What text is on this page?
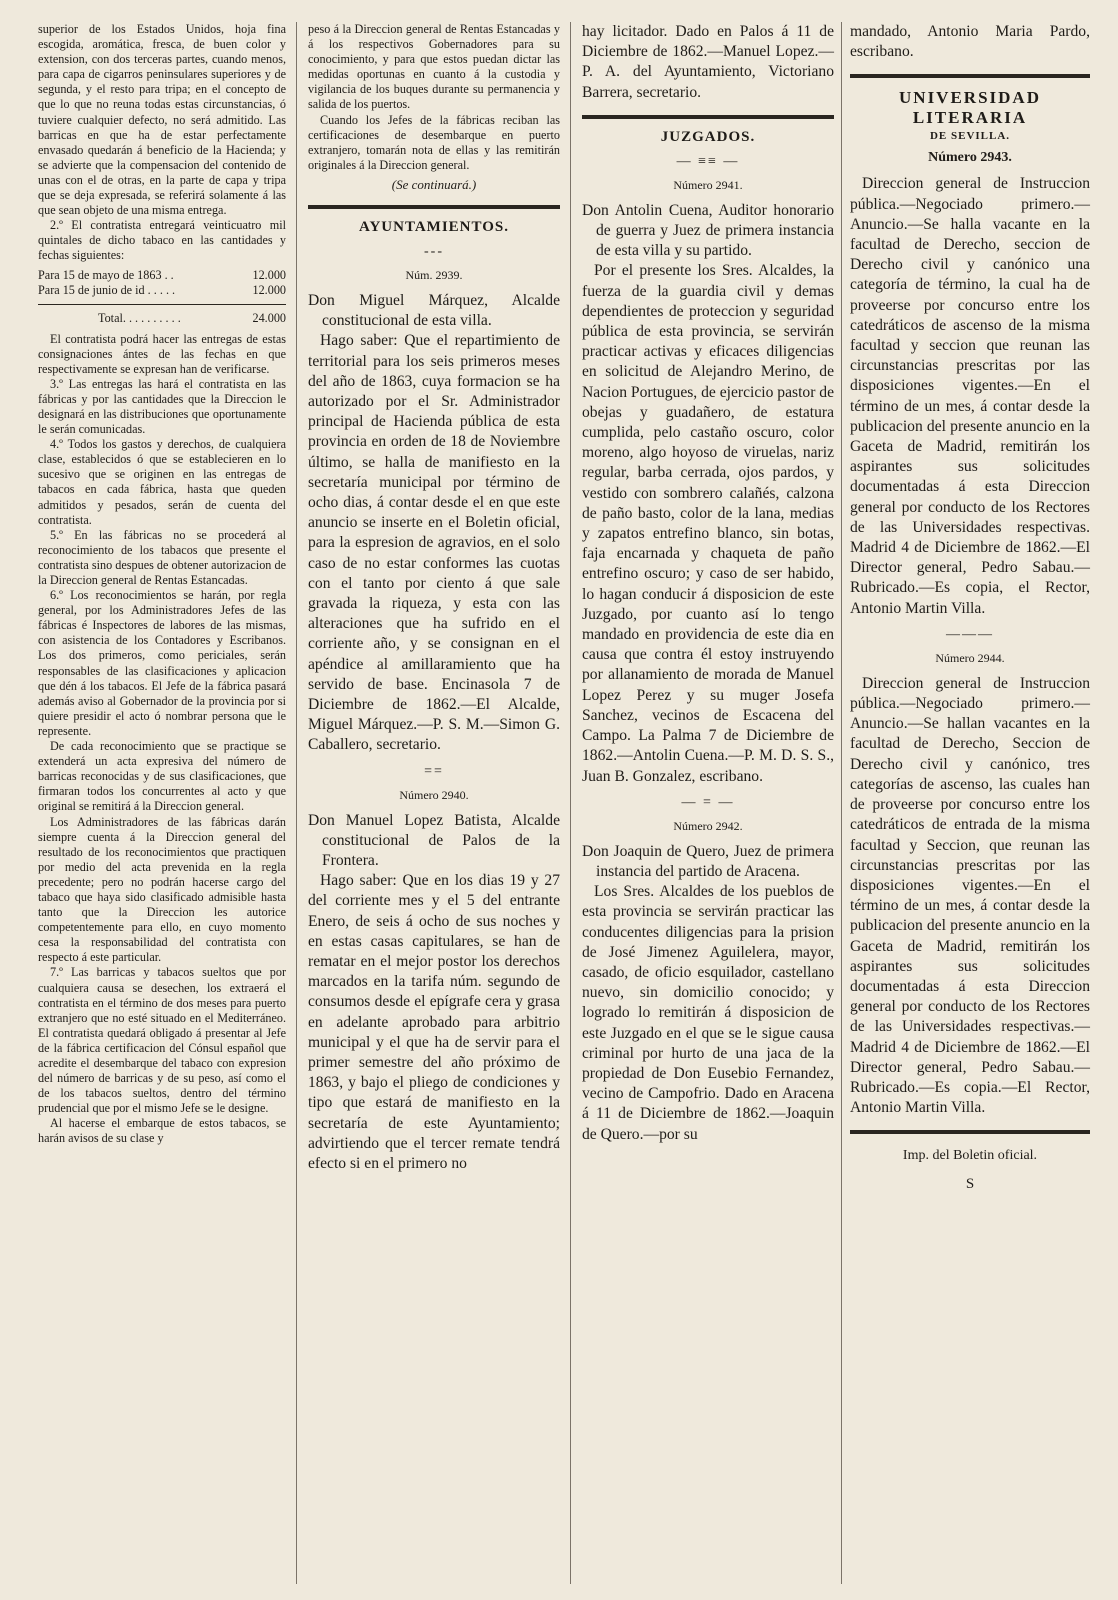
superior de los Estados Unidos, hoja fina escogida, aromática, fresca, de buen color y extension, con dos terceras partes, cuando menos, para capa de cigarros peninsulares superiores y de segunda, y el resto para tripa; en el concepto de que lo que no reuna todas estas circunstancias, ó tuviere cualquier defecto, no será admitido. Las barricas en que ha de estar perfectamente envasado quedarán á beneficio de la Hacienda; y se advierte que la compensacion del contenido de unas con el de otras, en la parte de capa y tripa que se deja expresada, se referirá solamente á las que sean objeto de una misma entrega.

2.º El contratista entregará veinticuatro mil quintales de dicho tabaco en las cantidades y fechas siguientes:

Para 15 de mayo de 1863 . .	12.000
Para 15 de junio de id . . . . .	12.000
Total. . . . . . . . . .	24.000

El contratista podrá hacer las entregas de estas consignaciones ántes de las fechas en que respectivamente se expresan han de verificarse.

3.º Las entregas las hará el contratista en las fábricas y por las cantidades que la Direccion le designará en las distribuciones que oportunamente le serán comunicadas.

4.º Todos los gastos y derechos, de cualquiera clase, establecidos ó que se establecieren en lo sucesivo que se originen en las entregas de tabacos en cada fábrica, hasta que queden admitidos y pesados, serán de cuenta del contratista.

5.º En las fábricas no se procederá al reconocimiento de los tabacos que presente el contratista sino despues de obtener autorizacion de la Direccion general de Rentas Estancadas.

6.º Los reconocimientos se harán, por regla general, por los Administradores Jefes de las fábricas é Inspectores de labores de las mismas, con asistencia de los Contadores y Escribanos. Los dos primeros, como periciales, serán responsables de las clasificaciones y aplicacion que dén á los tabacos. El Jefe de la fábrica pasará además aviso al Gobernador de la provincia por si quiere presidir el acto ó nombrar persona que le represente.

De cada reconocimiento que se practique se extenderá un acta expresiva del número de barricas reconocidas y de sus clasificaciones, que firmaran todos los concurrentes al acto y que original se remitirá á la Direccion general.

Los Administradores de las fábricas darán siempre cuenta á la Direccion general del resultado de los reconocimientos que practiquen por medio del acta prevenida en la regla precedente; pero no podrán hacerse cargo del tabaco que haya sido clasificado admisible hasta tanto que la Direccion les autorice competentemente para ello, en cuyo momento cesa la responsabilidad del contratista con respecto á este particular.

7.º Las barricas y tabacos sueltos que por cualquiera causa se desechen, los extraerá el contratista en el término de dos meses para puerto extranjero que no esté situado en el Mediterráneo. El contratista quedará obligado á presentar al Jefe de la fábrica certificacion del Cónsul español que acredite el desembarque del tabaco con expresion del número de barricas y de su peso, así como el de los tabacos sueltos, dentro del término prudencial que por el mismo Jefe se le designe.

Al hacerse el embarque de estos tabacos, se harán avisos de su clase y

peso á la Direccion general de Rentas Estancadas y á los respectivos Gobernadores para su conocimiento, y para que estos puedan dictar las medidas oportunas en cuanto á la custodia y vigilancia de los buques durante su permanencia y salida de los puertos.

Cuando los Jefes de la fábricas reciban las certificaciones de desembarque en puerto extranjero, tomarán nota de ellas y las remitirán originales á la Direccion general.

(Se continuará.)
AYUNTAMIENTOS.
---
Núm. 2939.

Don Miguel Márquez, Alcalde constitucional de esta villa.

Hago saber: Que el repartimiento de territorial para los seis primeros meses del año de 1863, cuya formacion se ha autorizado por el Sr. Administrador principal de Hacienda pública de esta provincia en orden de 18 de Noviembre último, se halla de manifiesto en la secretaría municipal por término de ocho dias, á contar desde el en que este anuncio se inserte en el Boletin oficial, para la espresion de agravios, en el solo caso de no estar conformes las cuotas con el tanto por ciento á que sale gravada la riqueza, y esta con las alteraciones que ha sufrido en el corriente año, y se consignan en el apéndice al amillaramiento que ha servido de base. Encinasola 7 de Diciembre de 1862.—El Alcalde, Miguel Márquez.—P. S. M.—Simon G. Caballero, secretario.

==
Número 2940.

Don Manuel Lopez Batista, Alcalde constitucional de Palos de la Frontera.

Hago saber: Que en los dias 19 y 27 del corriente mes y el 5 del entrante Enero, de seis á ocho de sus noches y en estas casas capitulares, se han de rematar en el mejor postor los derechos marcados en la tarifa núm. segundo de consumos desde el epígrafe cera y grasa en adelante aprobado para arbitrio municipal y el que ha de servir para el primer semestre del año próximo de 1863, y bajo el pliego de condiciones y tipo que estará de manifiesto en la secretaría de este Ayuntamiento; advirtiendo que el tercer remate tendrá efecto si en el primero no

hay licitador. Dado en Palos á 11 de Diciembre de 1862.—Manuel Lopez.—P. A. del Ayuntamiento, Victoriano Barrera, secretario.

JUZGADOS.
— ≡≡ —
Número 2941.

Don Antolin Cuena, Auditor honorario de guerra y Juez de primera instancia de esta villa y su partido.

Por el presente los Sres. Alcaldes, la fuerza de la guardia civil y demas dependientes de proteccion y seguridad pública de esta provincia, se servirán practicar activas y eficaces diligencias en solicitud de Alejandro Merino, de Nacion Portugues, de ejercicio pastor de obejas y guadañero, de estatura cumplida, pelo castaño oscuro, color moreno, algo hoyoso de viruelas, nariz regular, barba cerrada, ojos pardos, y vestido con sombrero calañés, calzona de paño basto, color de la lana, medias y zapatos entrefino blanco, sin botas, faja encarnada y chaqueta de paño entrefino oscuro; y caso de ser habido, lo hagan conducir á disposicion de este Juzgado, por cuanto así lo tengo mandado en providencia de este dia en causa que contra él estoy instruyendo por allanamiento de morada de Manuel Lopez Perez y su muger Josefa Sanchez, vecinos de Escacena del Campo. La Palma 7 de Diciembre de 1862.—Antolin Cuena.—P. M. D. S. S., Juan B. Gonzalez, escribano.

— = —
Número 2942.

Don Joaquin de Quero, Juez de primera instancia del partido de Aracena.

Los Sres. Alcaldes de los pueblos de esta provincia se servirán practicar las conducentes diligencias para la prision de José Jimenez Aguilelera, mayor, casado, de oficio esquilador, castellano nuevo, sin domicilio conocido; y logrado lo remitirán á disposicion de este Juzgado en el que se le sigue causa criminal por hurto de una jaca de la propiedad de Don Eusebio Fernandez, vecino de Campofrio. Dado en Aracena á 11 de Diciembre de 1862.—Joaquin de Quero.—por su

mandado, Antonio Maria Pardo, escribano.

UNIVERSIDAD LITERARIA
DE SEVILLA.
Número 2943.

Direccion general de Instruccion pública.—Negociado primero.—Anuncio.—Se halla vacante en la facultad de Derecho, seccion de Derecho civil y canónico una categoría de término, la cual ha de proveerse por concurso entre los catedráticos de ascenso de la misma facultad y seccion que reunan las circunstancias prescritas por las disposiciones vigentes.—En el término de un mes, á contar desde la publicacion del presente anuncio en la Gaceta de Madrid, remitirán los aspirantes sus solicitudes documentadas á esta Direccion general por conducto de los Rectores de las Universidades respectivas. Madrid 4 de Diciembre de 1862.—El Director general, Pedro Sabau.—Rubricado.—Es copia, el Rector, Antonio Martin Villa.

———
Número 2944.

Direccion general de Instruccion pública.—Negociado primero.—Anuncio.—Se hallan vacantes en la facultad de Derecho, Seccion de Derecho civil y canónico, tres categorías de ascenso, las cuales han de proveerse por concurso entre los catedráticos de entrada de la misma facultad y Seccion, que reunan las circunstancias prescritas por las disposiciones vigentes.—En el término de un mes, á contar desde la publicacion del presente anuncio en la Gaceta de Madrid, remitirán los aspirantes sus solicitudes documentadas á esta Direccion general por conducto de los Rectores de las Universidades respectivas.—Madrid 4 de Diciembre de 1862.—El Director general, Pedro Sabau.—Rubricado.—Es copia.—El Rector, Antonio Martin Villa.

Imp. del Boletin oficial.
S
